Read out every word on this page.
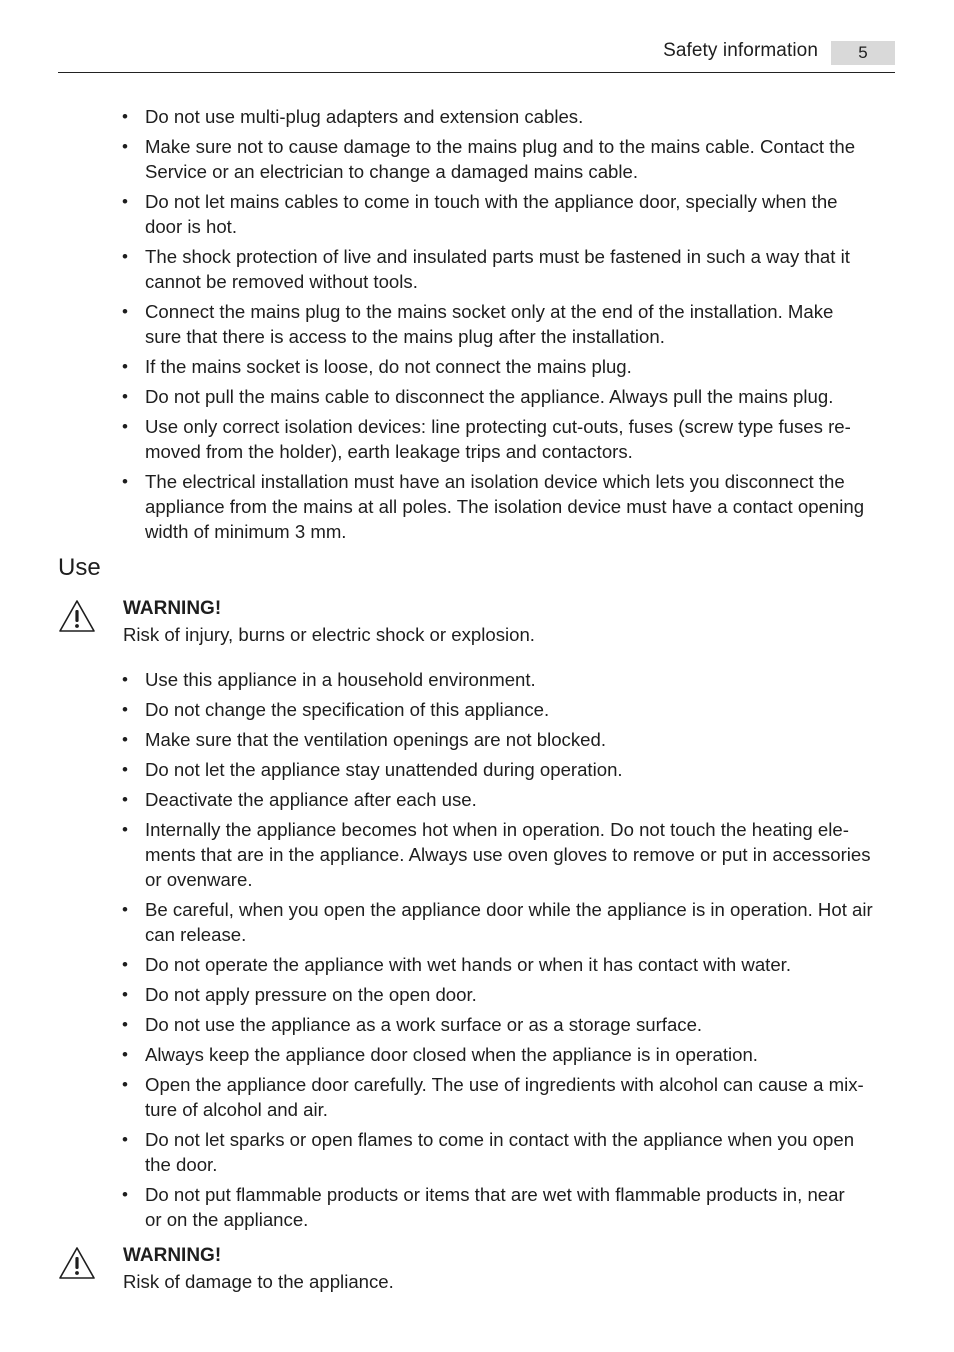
Safety information	5
• Do not use multi-plug adapters and extension cables.
• Make sure not to cause damage to the mains plug and to the mains cable. Contact the
Service or an electrician to change a damaged mains cable.
• Do not let mains cables to come in touch with the appliance door, specially when the
door is hot.
• The shock protection of live and insulated parts must be fastened in such a way that it
cannot be removed without tools.
• Connect the mains plug to the mains socket only at the end of the installation. Make
sure that there is access to the mains plug after the installation.
• If the mains socket is loose, do not connect the mains plug.
• Do not pull the mains cable to disconnect the appliance. Always pull the mains plug.
• Use only correct isolation devices: line protecting cut-outs, fuses (screw type fuses re-
moved from the holder), earth leakage trips and contactors.
• The electrical installation must have an isolation device which lets you disconnect the
appliance from the mains at all poles. The isolation device must have a contact opening
width of minimum 3 mm.
Use
WARNING!
Risk of injury, burns or electric shock or explosion.
• Use this appliance in a household environment.
• Do not change the specification of this appliance.
• Make sure that the ventilation openings are not blocked.
• Do not let the appliance stay unattended during operation.
• Deactivate the appliance after each use.
• Internally the appliance becomes hot when in operation. Do not touch the heating ele-
ments that are in the appliance. Always use oven gloves to remove or put in accessories
or ovenware.
• Be careful, when you open the appliance door while the appliance is in operation. Hot air
can release.
• Do not operate the appliance with wet hands or when it has contact with water.
• Do not apply pressure on the open door.
• Do not use the appliance as a work surface or as a storage surface.
• Always keep the appliance door closed when the appliance is in operation.
• Open the appliance door carefully. The use of ingredients with alcohol can cause a mix-
ture of alcohol and air.
• Do not let sparks or open flames to come in contact with the appliance when you open
the door.
• Do not put flammable products or items that are wet with flammable products in, near
or on the appliance.
WARNING!
Risk of damage to the appliance.
